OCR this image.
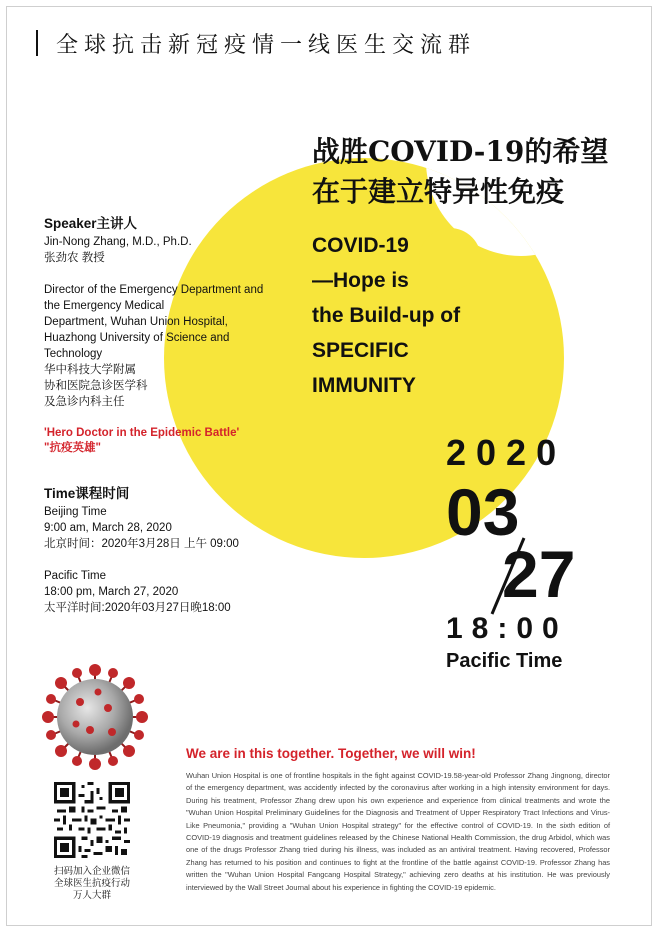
全球抗击新冠疫情一线医生交流群
战胜COVID-19的希望
在于建立特异性免疫
COVID-19
—Hope is
the Build-up of
SPECIFIC
IMMUNITY
Speaker主讲人
Jin-Nong Zhang, M.D., Ph.D.
张劲农 教授
Director of the Emergency Department and
the Emergency Medical
Department, Wuhan Union Hospital,
Huazhong University of Science and
Technology
华中科技大学附属
协和医院急诊医学科
及急诊内科主任
'Hero Doctor in the Epidemic Battle'
"抗疫英雄"
Time课程时间
Beijing Time
9:00 am, March 28, 2020
北京时间：2020年3月28日 上午 09:00
Pacific Time
18:00 pm, March 27, 2020
太平洋时间:2020年03月27日晚18:00
2020
03
27
18:00
Pacific Time
扫码加入企业微信
全球医生抗疫行动
万人大群
We are in this together. Together, we will win!
Wuhan Union Hospital is one of frontline hospitals in the fight against COVID-19.58-year-old Professor Zhang Jingnong, director of the emergency department, was accidently infected by the coronavirus after working in a high intensity environment for days. During his treatment, Professor Zhang drew upon his own experience and experience from clinical treatments and wrote the "Wuhan Union Hospital Preliminary Guidelines for the Diagnosis and Treatment of Upper Respiratory Tract Infections and Virus-Like Pneumonia," providing a "Wuhan Union Hospital strategy" for the effective control of COVID-19. In the sixth edition of COVID-19 diagnosis and treatment guidelines released by the Chinese National Health Commission, the drug Arbidol, which was one of the drugs Professor Zhang tried during his illness, was included as an antiviral treatment. Having recovered, Professor Zhang has returned to his position and continues to fight at the frontline of the battle against COVID-19. Professor Zhang has written the "Wuhan Union Hospital Fangcang Hospital Strategy," achieving zero deaths at his institution. He was previously interviewed by the Wall Street Journal about his experience in fighting the COVID-19 epidemic.
